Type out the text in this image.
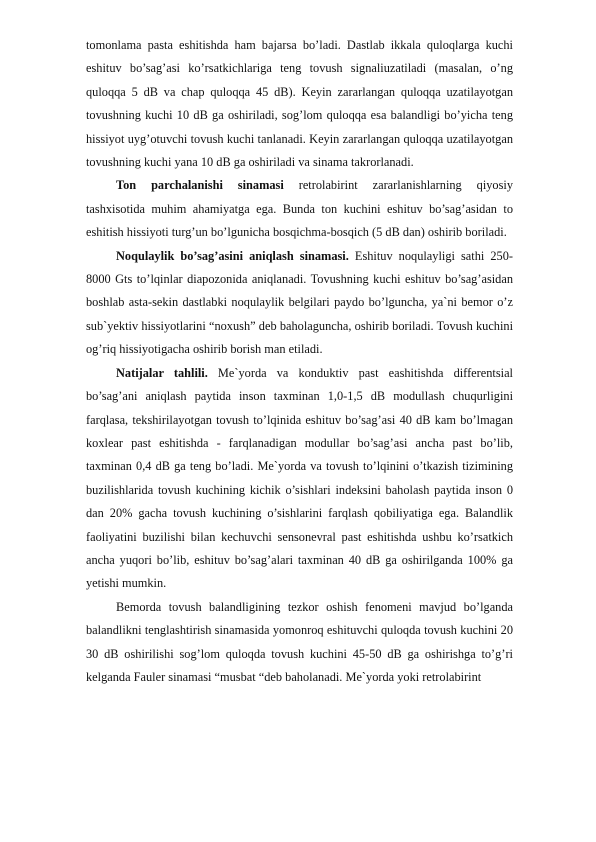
tomonlama pasta eshitishda ham bajarsa bo’ladi. Dastlab ikkala quloqlarga kuchi eshituv bo’sag’asi ko’rsatkichlariga teng tovush signaliuzatiladi (masalan, o’ng quloqqa 5 dB va chap quloqqa 45 dB). Keyin zararlangan quloqqa uzatilayotgan tovushning kuchi 10 dB ga oshiriladi, sog’lom quloqqa esa balandligi bo’yicha teng hissiyot uyg’otuvchi tovush kuchi tanlanadi. Keyin zararlangan quloqqa uzatilayotgan tovushning kuchi yana 10 dB ga oshiriladi va sinama takrorlanadi.

Ton parchalanishi sinamasi retrolabirint zararlanishlarning qiyosiy tashxisotida muhim ahamiyatga ega. Bunda ton kuchini eshituv bo’sag’asidan to eshitish hissiyoti turg’un bo’lgunicha bosqichma-bosqich (5 dB dan) oshirib boriladi.

Noqulaylik bo’sag’asini aniqlash sinamasi. Eshituv noqulayligi sathi 250-8000 Gts to’lqinlar diapozonida aniqlanadi. Tovushning kuchi eshituv bo’sag’asidan boshlab asta-sekin dastlabki noqulaylik belgilari paydo bo’lguncha, ya`ni bemor o’z sub`yektiv hissiyotlarini “noxush” deb baholaguncha, oshirib boriladi. Tovush kuchini og’riq hissiyotigacha oshirib borish man etiladi.

Natijalar tahlili. Me`yorda va konduktiv past eashitishda differentsial bo’sag’ani aniqlash paytida inson taxminan 1,0-1,5 dB modullash chuqurligini farqlasa, tekshirilayotgan tovush to’lqinida eshituv bo’sag’asi 40 dB kam bo’lmagan koxlear past eshitishda - farqlanadigan modullar bo’sag’asi ancha past bo’lib, taxminan 0,4 dB ga teng bo’ladi. Me`yorda va tovush to’lqinini o’tkazish tizimining buzilishlarida tovush kuchining kichik o’sishlari indeksini baholash paytida inson 0 dan 20% gacha tovush kuchining o’sishlarini farqlash qobiliyatiga ega. Balandlik faoliyatini buzilishi bilan kechuvchi sensonevral past eshitishda ushbu ko’rsatkich ancha yuqori bo’lib, eshituv bo’sag’alari taxminan 40 dB ga oshirilganda 100% ga yetishi mumkin.

Bemorda tovush balandligining tezkor oshish fenomeni mavjud bo’lganda balandlikni tenglashtirish sinamasida yomonroq eshituvchi quloqda tovush kuchini 20 30 dB oshirilishi sog’lom quloqda tovush kuchini 45-50 dB ga oshirishga to’g’ri kelganda Fauler sinamasi “musbat “deb baholanadi. Me`yorda yoki retrolabirint
